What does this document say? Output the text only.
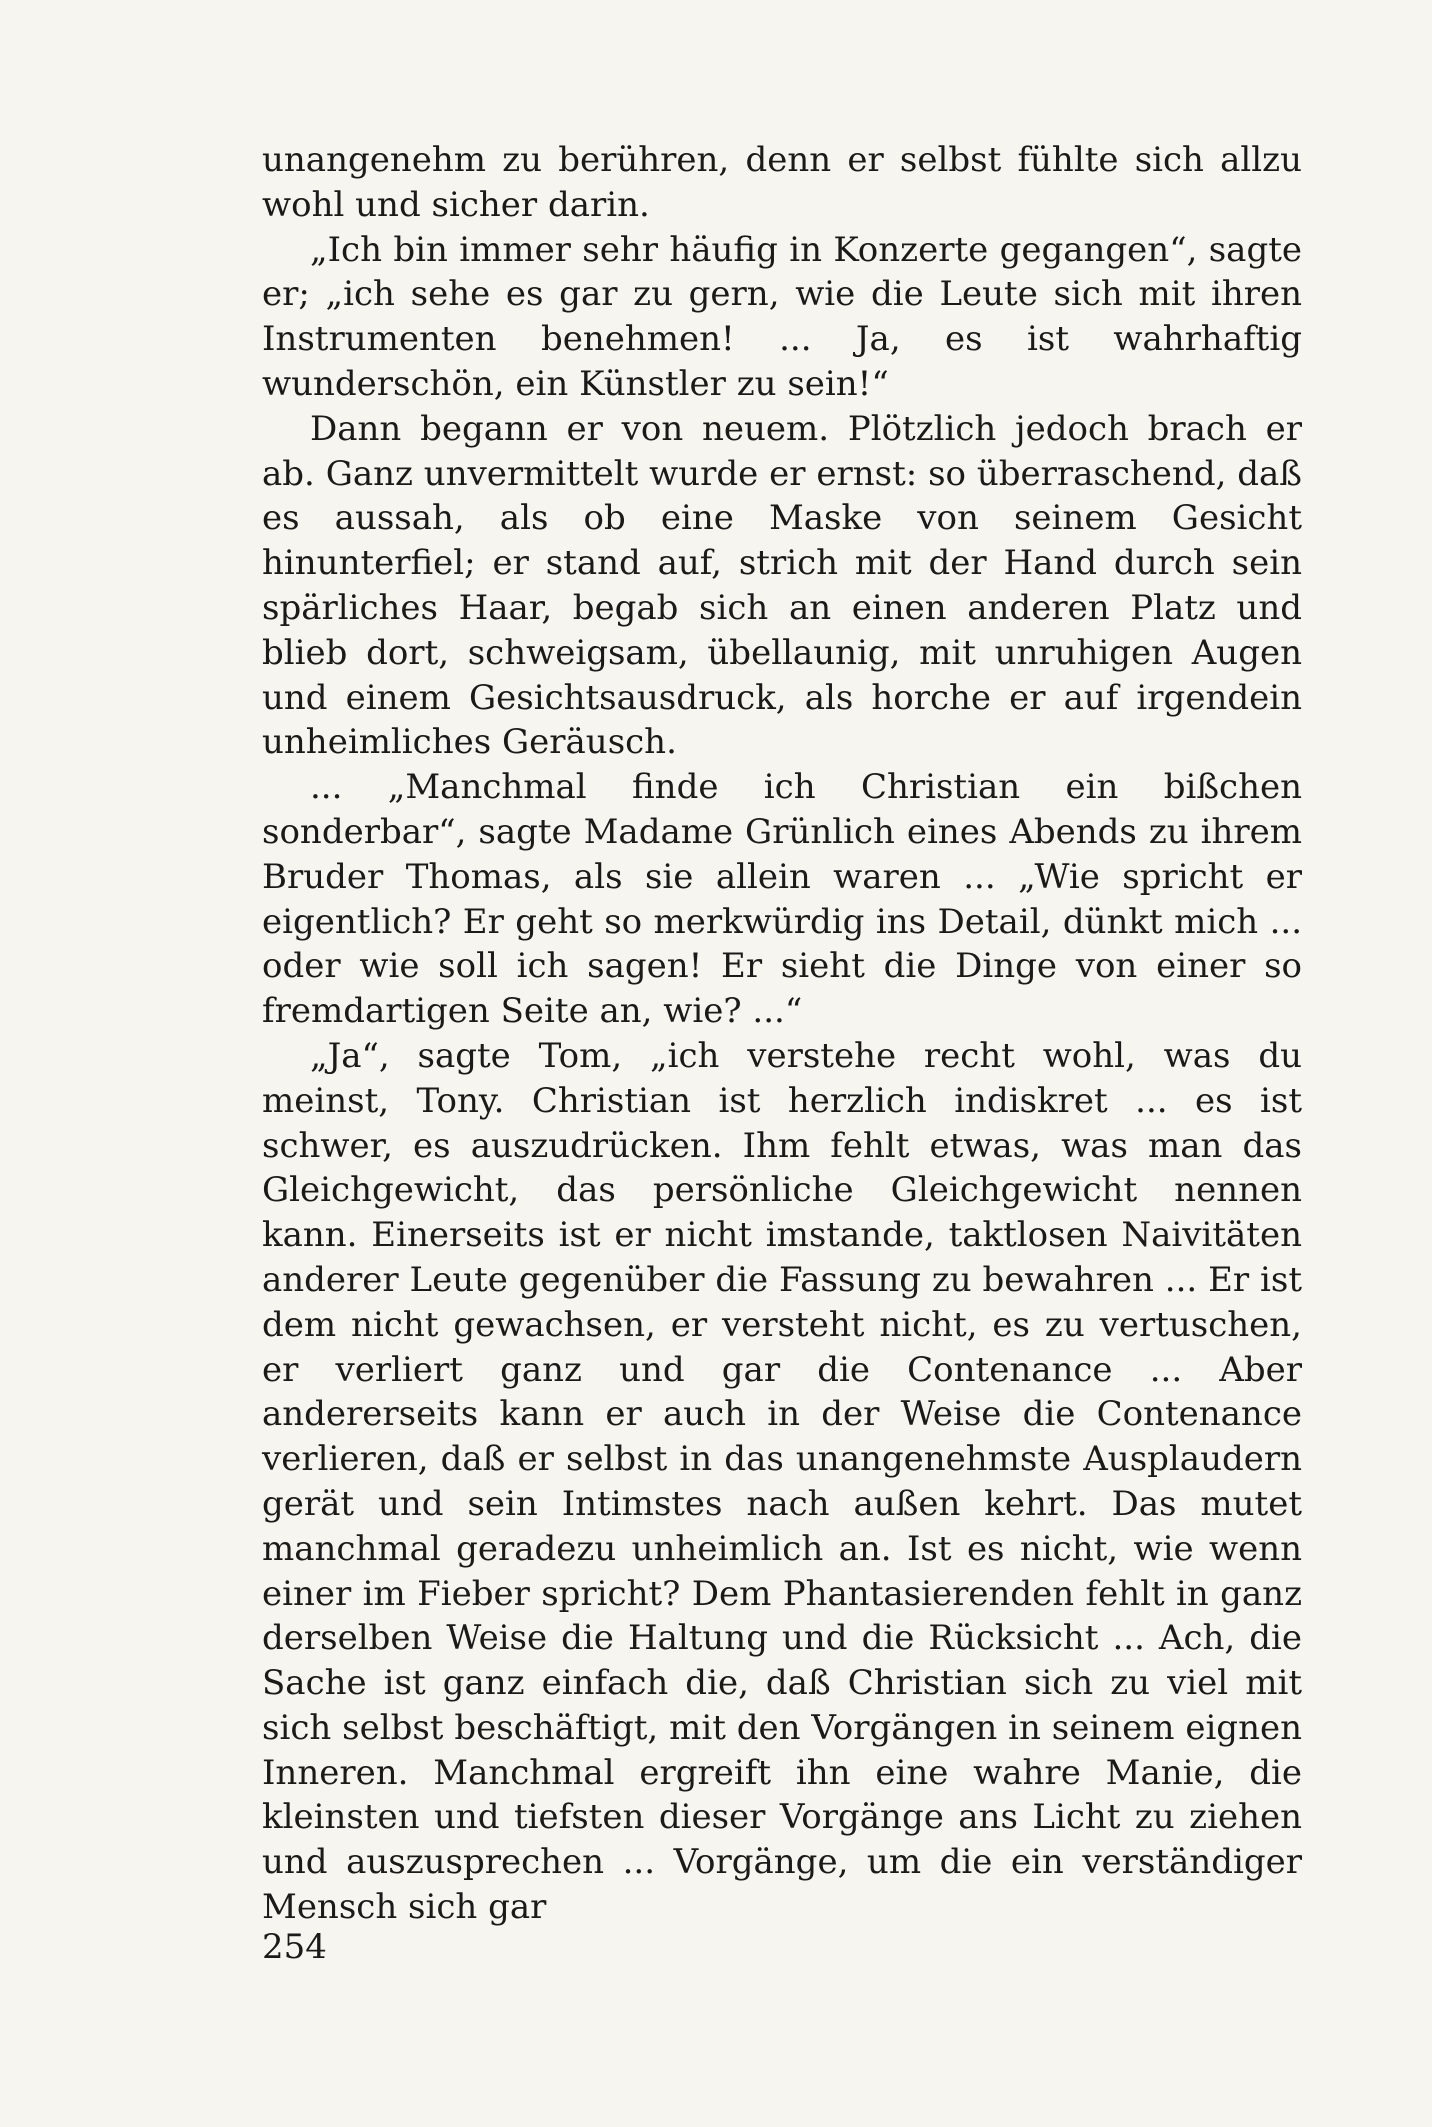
unangenehm zu berühren, denn er selbst fühlte sich allzu wohl und sicher darin.

„Ich bin immer sehr häufig in Konzerte gegangen“, sagte er; „ich sehe es gar zu gern, wie die Leute sich mit ihren Instrumenten benehmen! ... Ja, es ist wahrhaftig wunderschön, ein Künstler zu sein!“

Dann begann er von neuem. Plötzlich jedoch brach er ab. Ganz unvermittelt wurde er ernst: so überraschend, daß es aussah, als ob eine Maske von seinem Gesicht hinunterfiel; er stand auf, strich mit der Hand durch sein spärliches Haar, begab sich an einen anderen Platz und blieb dort, schweigsam, übellaunig, mit unruhigen Augen und einem Gesichtsausdruck, als horche er auf irgendein unheimliches Geräusch.

... „Manchmal finde ich Christian ein bißchen sonderbar“, sagte Madame Grünlich eines Abends zu ihrem Bruder Thomas, als sie allein waren ... „Wie spricht er eigentlich? Er geht so merkwürdig ins Detail, dünkt mich ... oder wie soll ich sagen! Er sieht die Dinge von einer so fremdartigen Seite an, wie? ...“

„Ja“, sagte Tom, „ich verstehe recht wohl, was du meinst, Tony. Christian ist herzlich indiskret ... es ist schwer, es auszudrücken. Ihm fehlt etwas, was man das Gleichgewicht, das persönliche Gleichgewicht nennen kann. Einerseits ist er nicht imstande, taktlosen Naivitäten anderer Leute gegenüber die Fassung zu bewahren ... Er ist dem nicht gewachsen, er versteht nicht, es zu vertuschen, er verliert ganz und gar die Contenance ... Aber andererseits kann er auch in der Weise die Contenance verlieren, daß er selbst in das unangenehmste Ausplaudern gerät und sein Intimstes nach außen kehrt. Das mutet manchmal geradezu unheimlich an. Ist es nicht, wie wenn einer im Fieber spricht? Dem Phantasierenden fehlt in ganz derselben Weise die Haltung und die Rücksicht ... Ach, die Sache ist ganz einfach die, daß Christian sich zu viel mit sich selbst beschäftigt, mit den Vorgängen in seinem eignen Inneren. Manchmal ergreift ihn eine wahre Manie, die kleinsten und tiefsten dieser Vorgänge ans Licht zu ziehen und auszusprechen ... Vorgänge, um die ein verständiger Mensch sich gar

254
